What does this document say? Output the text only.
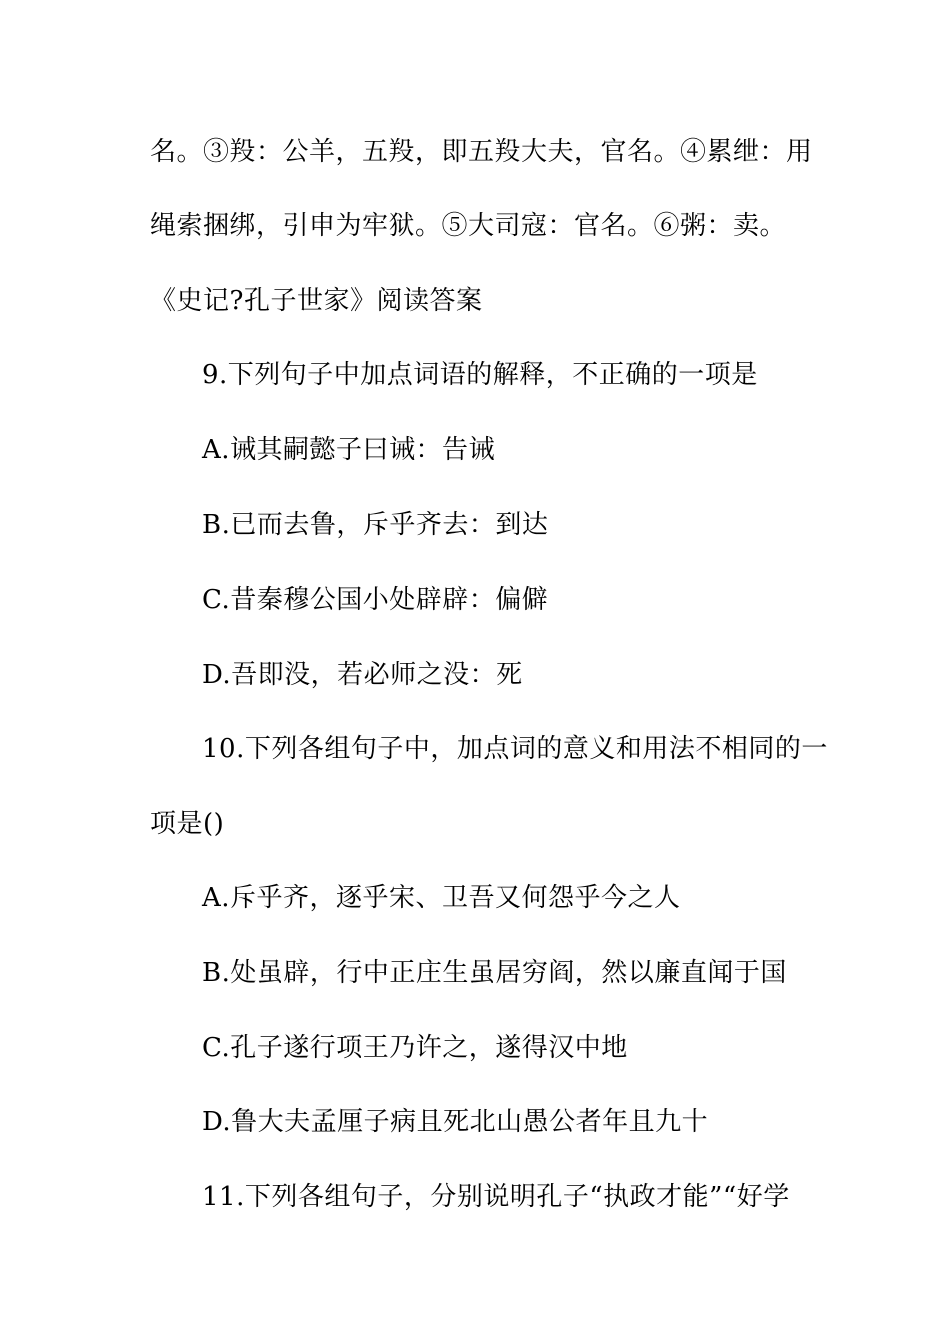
名。③羖：公羊，五羖，即五羖大夫，官名。④累绁：用
绳索捆绑，引申为牢狱。⑤大司寇：官名。⑥粥：卖。
《史记?孔子世家》阅读答案
9.下列句子中加点词语的解释，不正确的一项是
A.诫其嗣懿子曰诫：告诫
B.已而去鲁，斥乎齐去：到达
C.昔秦穆公国小处辟辟：偏僻
D.吾即没，若必师之没：死
10.下列各组句子中，加点词的意义和用法不相同的一
项是()
A.斥乎齐，逐乎宋、卫吾又何怨乎今之人
B.处虽辟，行中正庄生虽居穷阎，然以廉直闻于国
C.孔子遂行项王乃许之，遂得汉中地
D.鲁大夫孟厘子病且死北山愚公者年且九十
11.下列各组句子，分别说明孔子“执政才能”“好学
